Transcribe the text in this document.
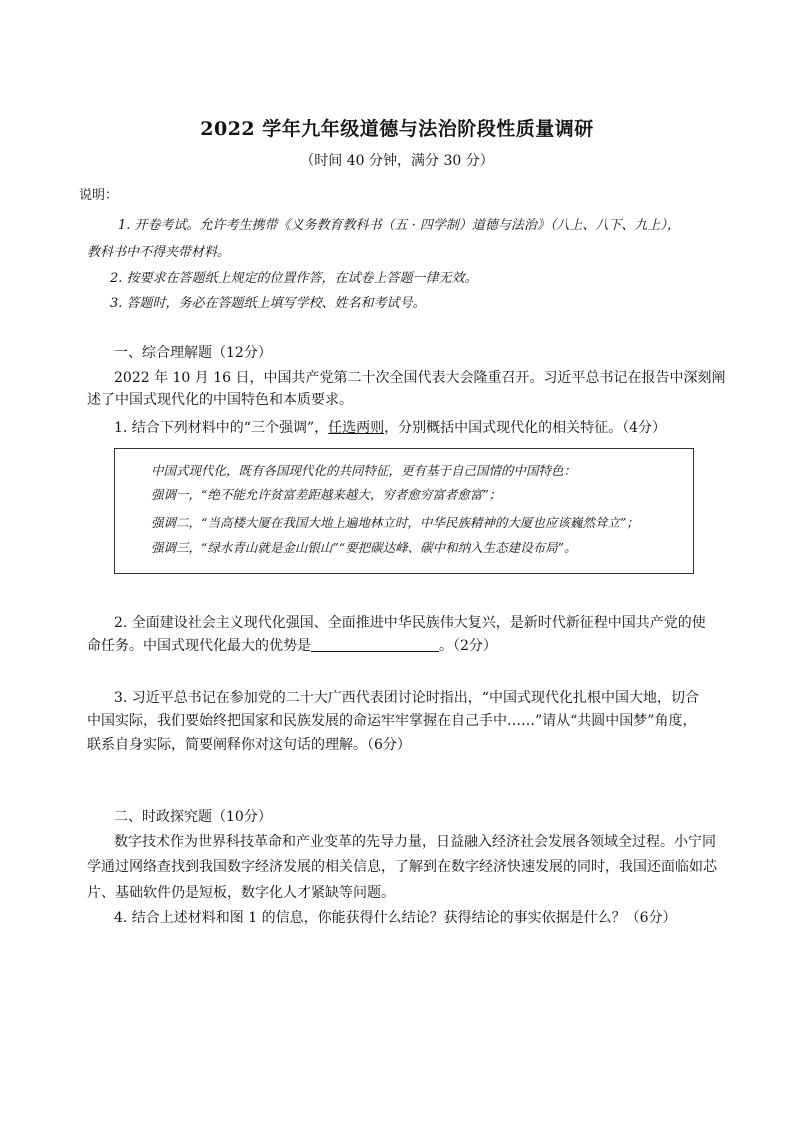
2022 学年九年级道德与法治阶段性质量调研
（时间 40 分钟，满分 30 分）
说明：
1. 开卷考试。允许考生携带《义务教育教科书（五 · 四学制）道德与法治》（八上、八下、九上），
教科书中不得夹带材料。
2. 按要求在答题纸上规定的位置作答，在试卷上答题一律无效。
3. 答题时，务必在答题纸上填写学校、姓名和考试号。
一、综合理解题（12分）
2022 年 10 月 16 日，中国共产党第二十次全国代表大会隆重召开。习近平总书记在报告中深刻阐
述了中国式现代化的中国特色和本质要求。
1. 结合下列材料中的“三个强调”，任选两则，分别概括中国式现代化的相关特征。（4分）
中国式现代化，既有各国现代化的共同特征，更有基于自己国情的中国特色：
强调一，“绝不能允许贫富差距越来越大，穷者愈穷富者愈富”；
强调二，“当高楼大厦在我国大地上遍地林立时，中华民族精神的大厦也应该巍然耸立”；
强调三，“绿水青山就是金山银山”“要把碳达峰、碳中和纳入生态建设布局”。
2. 全面建设社会主义现代化强国、全面推进中华民族伟大复兴，是新时代新征程中国共产党的使
命任务。中国式现代化最大的优势是	。（2分）
3. 习近平总书记在参加党的二十大广西代表团讨论时指出，“中国式现代化扎根中国大地，切合
中国实际，我们要始终把国家和民族发展的命运牢牢掌握在自己手中……”请从“共圆中国梦”角度，
联系自身实际，简要阐释你对这句话的理解。（6分）
二、时政探究题（10分）
数字技术作为世界科技革命和产业变革的先导力量，日益融入经济社会发展各领域全过程。小宁同
学通过网络查找到我国数字经济发展的相关信息，了解到在数字经济快速发展的同时，我国还面临如芯
片、基础软件仍是短板，数字化人才紧缺等问题。
4. 结合上述材料和图 1 的信息，你能获得什么结论？获得结论的事实依据是什么？（6分）
